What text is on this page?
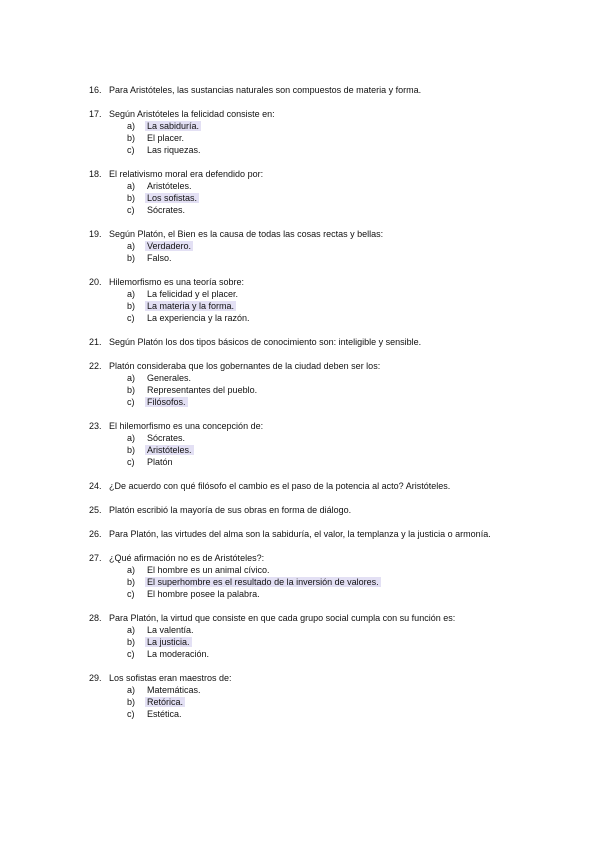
16. Para Aristóteles, las sustancias naturales son compuestos de materia y forma.
17. Según Aristóteles la felicidad consiste en:
a) La sabiduría.
b) El placer.
c) Las riquezas.
18. El relativismo moral era defendido por:
a) Aristóteles.
b) Los sofistas.
c) Sócrates.
19. Según Platón, el Bien es la causa de todas las cosas rectas y bellas:
a) Verdadero.
b) Falso.
20. Hilemorfismo es una teoría sobre:
a) La felicidad y el placer.
b) La materia y la forma.
c) La experiencia y la razón.
21. Según Platón los dos tipos básicos de conocimiento son: inteligible y sensible.
22. Platón consideraba que los gobernantes de la ciudad deben ser los:
a) Generales.
b) Representantes del pueblo.
c) Filósofos.
23. El hilemorfismo es una concepción de:
a) Sócrates.
b) Aristóteles.
c) Platón
24. ¿De acuerdo con qué filósofo el cambio es el paso de la potencia al acto? Aristóteles.
25. Platón escribió la mayoría de sus obras en forma de diálogo.
26. Para Platón, las virtudes del alma son la sabiduría, el valor, la templanza y la justicia o armonía.
27. ¿Qué afirmación no es de Aristóteles?:
a) El hombre es un animal cívico.
b) El superhombre es el resultado de la inversión de valores.
c) El hombre posee la palabra.
28. Para Platón, la virtud que consiste en que cada grupo social cumpla con su función es:
a) La valentía.
b) La justicia.
c) La moderación.
29. Los sofistas eran maestros de:
a) Matemáticas.
b) Retórica.
c) Estética.
